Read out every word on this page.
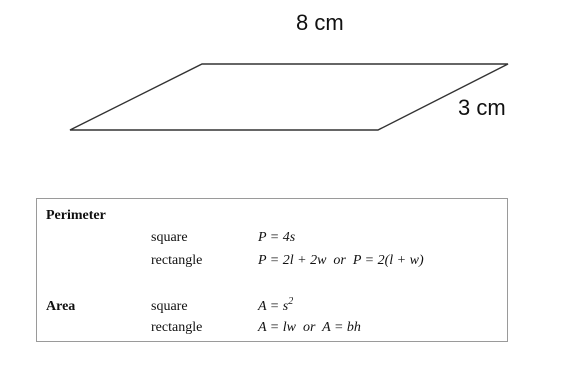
8 cm
3 cm
Perimeter
square	P = 4s
rectangle	P = 2l + 2w  or  P = 2(l + w)
Area	square	$A = s^2$
rectangle	A = lw  or  A = bh
